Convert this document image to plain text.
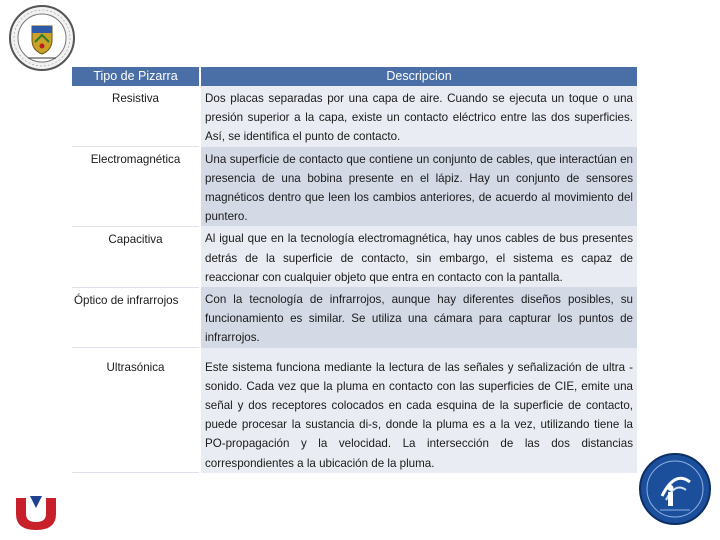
Tipo de Pizarra	Descripcion
Resistiva	Dos placas separadas por una capa de aire. Cuando se ejecuta un toque o una presión superior a la capa, existe un contacto eléctrico entre las dos superficies. Así, se identifica el punto de contacto.
Electromagnética	Una superficie de contacto que contiene un conjunto de cables, que interactúan en presencia de una bobina presente en el lápiz. Hay un conjunto de sensores magnéticos dentro que leen los cambios anteriores, de acuerdo al movimiento del puntero.
Capacitiva	Al igual que en la tecnología electromagnética, hay unos cables de bus presentes detrás de la superficie de contacto, sin embargo, el sistema es capaz de reaccionar con cualquier objeto que entra en contacto con la pantalla.
Óptico de infrarrojos	Con la tecnología de infrarrojos, aunque hay diferentes diseños posibles, su funcionamiento es similar. Se utiliza una cámara para capturar los puntos de infrarrojos.
Ultrasónica	Este sistema funciona mediante la lectura de las señales y señalización de ultra - sonido. Cada vez que la pluma en contacto con las superficies de CIE, emite una señal y dos receptores colocados en cada esquina de la superficie de contacto, puede procesar la sustancia di-s, donde la pluma es a la vez, utilizando tiene la PO-propagación y la velocidad. La intersección de las dos distancias correspondientes a la ubicación de la pluma.
